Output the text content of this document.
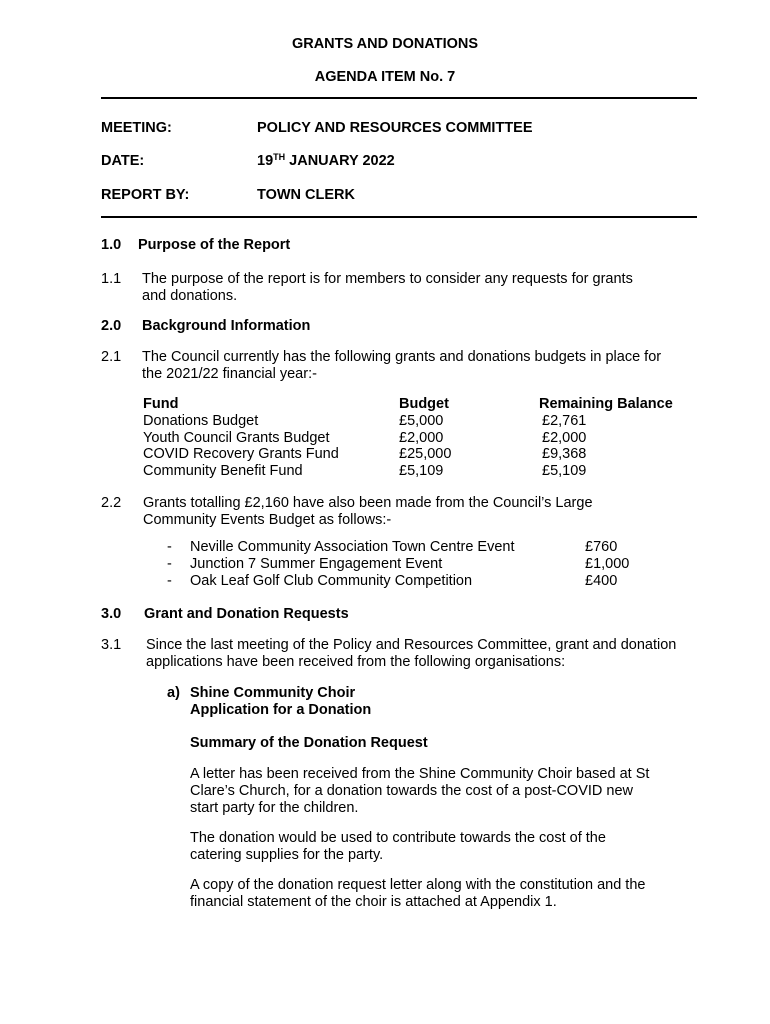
GRANTS AND DONATIONS
AGENDA ITEM No. 7
MEETING:	POLICY AND RESOURCES COMMITTEE
DATE:	19TH JANUARY 2022
REPORT BY:	TOWN CLERK
1.0 Purpose of the Report
1.1 The purpose of the report is for members to consider any requests for grants
and donations.
2.0 Background Information
2.1 The Council currently has the following grants and donations budgets in place for
the 2021/22 financial year:-
Fund	Budget	Remaining Balance
Donations Budget	£5,000	£2,761
Youth Council Grants Budget	£2,000	£2,000
COVID Recovery Grants Fund	£25,000	£9,368
Community Benefit Fund	£5,109	£5,109
2.2 Grants totalling £2,160 have also been made from the Council’s Large
Community Events Budget as follows:-
- Neville Community Association Town Centre Event	£760
- Junction 7 Summer Engagement Event	£1,000
- Oak Leaf Golf Club Community Competition	£400
3.0 Grant and Donation Requests
3.1 Since the last meeting of the Policy and Resources Committee, grant and donation
applications have been received from the following organisations:
a) Shine Community Choir
Application for a Donation
Summary of the Donation Request
A letter has been received from the Shine Community Choir based at St
Clare’s Church, for a donation towards the cost of a post-COVID new
start party for the children.
The donation would be used to contribute towards the cost of the
catering supplies for the party.
A copy of the donation request letter along with the constitution and the
financial statement of the choir is attached at Appendix 1.
